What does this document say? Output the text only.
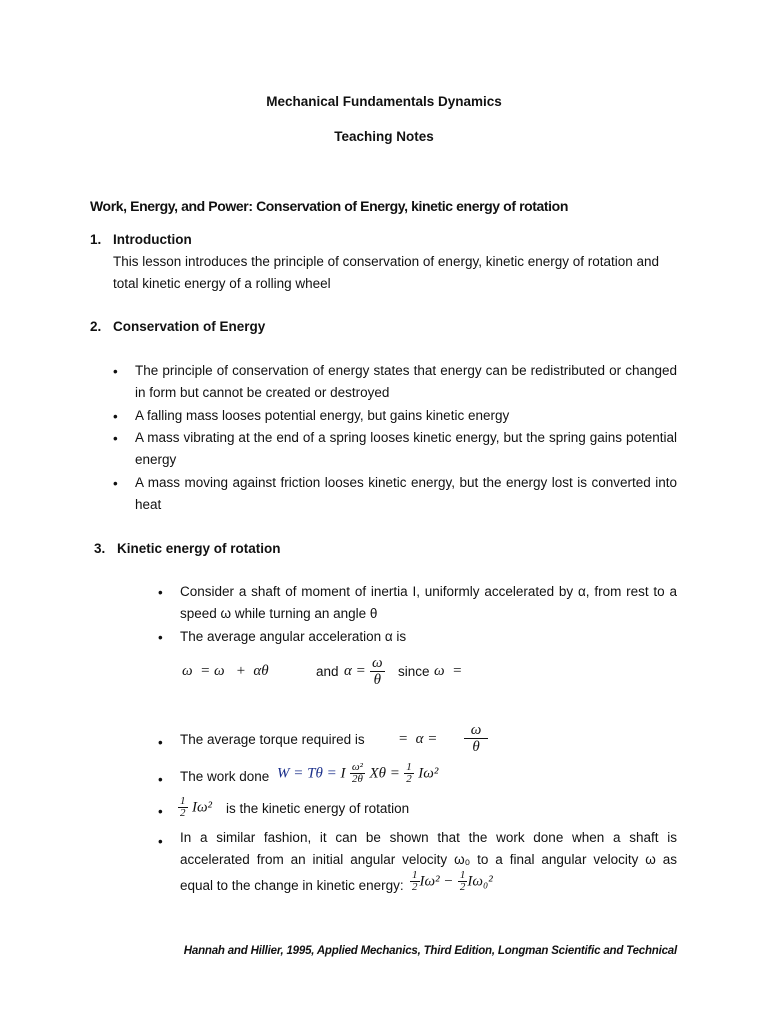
Mechanical Fundamentals Dynamics
Teaching Notes
Work, Energy, and Power: Conservation of Energy, kinetic energy of rotation
1. Introduction
This lesson introduces the principle of conservation of energy, kinetic energy of rotation and
total kinetic energy of a rolling wheel
2. Conservation of Energy
• The principle of conservation of energy states that energy can be redistributed or changed in form but cannot be created or destroyed
• A falling mass looses potential energy, but gains kinetic energy
• A mass vibrating at the end of a spring looses kinetic energy, but the spring gains potential energy
• A mass moving against friction looses kinetic energy, but the energy lost is converted into heat
3. Kinetic energy of rotation
• Consider a shaft of moment of inertia I, uniformly accelerated by α, from rest to a speed ω while turning an angle θ
• The average angular acceleration α is
ω  = ω   +  αθ	and $\alpha = \frac{\omega}{\theta}$ since ω  =
• The average torque required is =  $\alpha = \frac{\omega}{\theta}$
• The work done W = Tθ = I $\frac{\text{ω²}}{2\theta}$ $X\theta = \frac{1}{2} I\omega^2$
• $\frac{1}{2} I\omega^2$ is the kinetic energy of rotation
• In a similar fashion, it can be shown that the work done when a shaft is
accelerated from an initial angular velocity ω₀ to a final angular velocity ω as
equal to the change in kinetic energy: $\frac{1}{2} I\omega^2 - \frac{1}{2} I\omega_0^2$
Hannah and Hillier, 1995, Applied Mechanics, Third Edition, Longman Scientific and Technical
